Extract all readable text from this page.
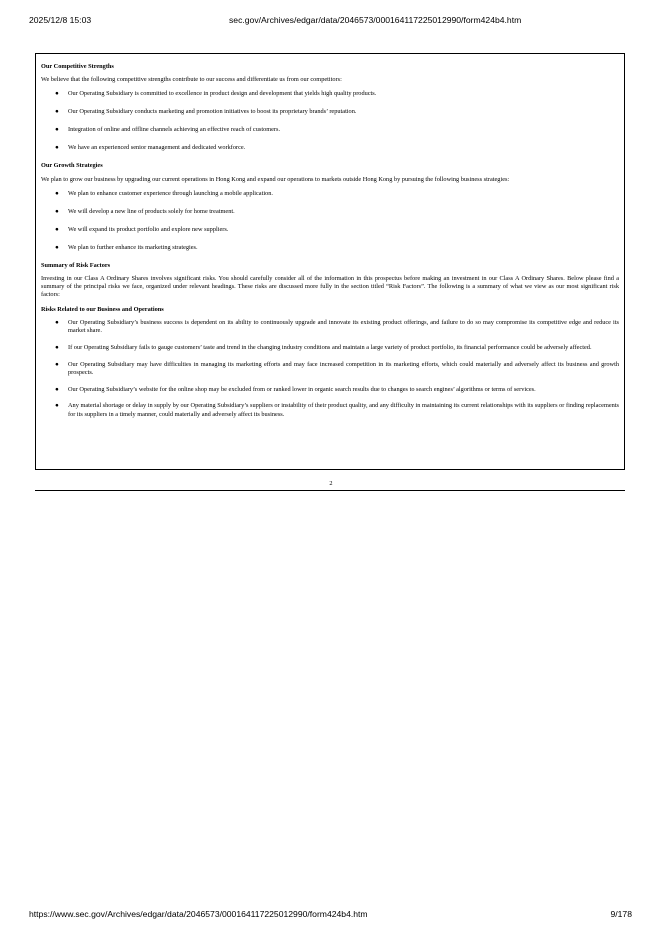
2025/12/8 15:03	sec.gov/Archives/edgar/data/2046573/000164117225012990/form424b4.htm
Our Competitive Strengths

We believe that the following competitive strengths contribute to our success and differentiate us from our competitors:

● Our Operating Subsidiary is committed to excellence in product design and development that yields high quality products.
● Our Operating Subsidiary conducts marketing and promotion initiatives to boost its proprietary brands’ reputation.
● Integration of online and offline channels achieving an effective reach of customers.
● We have an experienced senior management and dedicated workforce.
Our Growth Strategies

We plan to grow our business by upgrading our current operations in Hong Kong and expand our operations to markets outside Hong Kong by pursuing the following business strategies:

● We plan to enhance customer experience through launching a mobile application.
● We will develop a new line of products solely for home treatment.
● We will expand its product portfolio and explore new suppliers.
● We plan to further enhance its marketing strategies.
Summary of Risk Factors

Investing in our Class A Ordinary Shares involves significant risks. You should carefully consider all of the information in this prospectus before making an investment in our Class A Ordinary Shares. Below please find a summary of the principal risks we face, organized under relevant headings. These risks are discussed more fully in the section titled “Risk Factors”. The following is a summary of what we view as our most significant risk factors:

Risks Related to our Business and Operations
● Our Operating Subsidiary’s business success is dependent on its ability to continuously upgrade and innovate its existing product offerings, and failure to do so may compromise its competitive edge and reduce its market share.
● If our Operating Subsidiary fails to gauge customers’ taste and trend in the changing industry conditions and maintain a large variety of product portfolio, its financial performance could be adversely affected.
● Our Operating Subsidiary may have difficulties in managing its marketing efforts and may face increased competition in its marketing efforts, which could materially and adversely affect its business and growth prospects.
● Our Operating Subsidiary’s website for the online shop may be excluded from or ranked lower in organic search results due to changes to search engines’ algorithms or terms of services.
● Any material shortage or delay in supply by our Operating Subsidiary’s suppliers or instability of their product quality, and any difficulty in maintaining its current relationships with its suppliers or finding replacements for its suppliers in a timely manner, could materially and adversely affect its business.
2
https://www.sec.gov/Archives/edgar/data/2046573/000164117225012990/form424b4.htm	9/178
